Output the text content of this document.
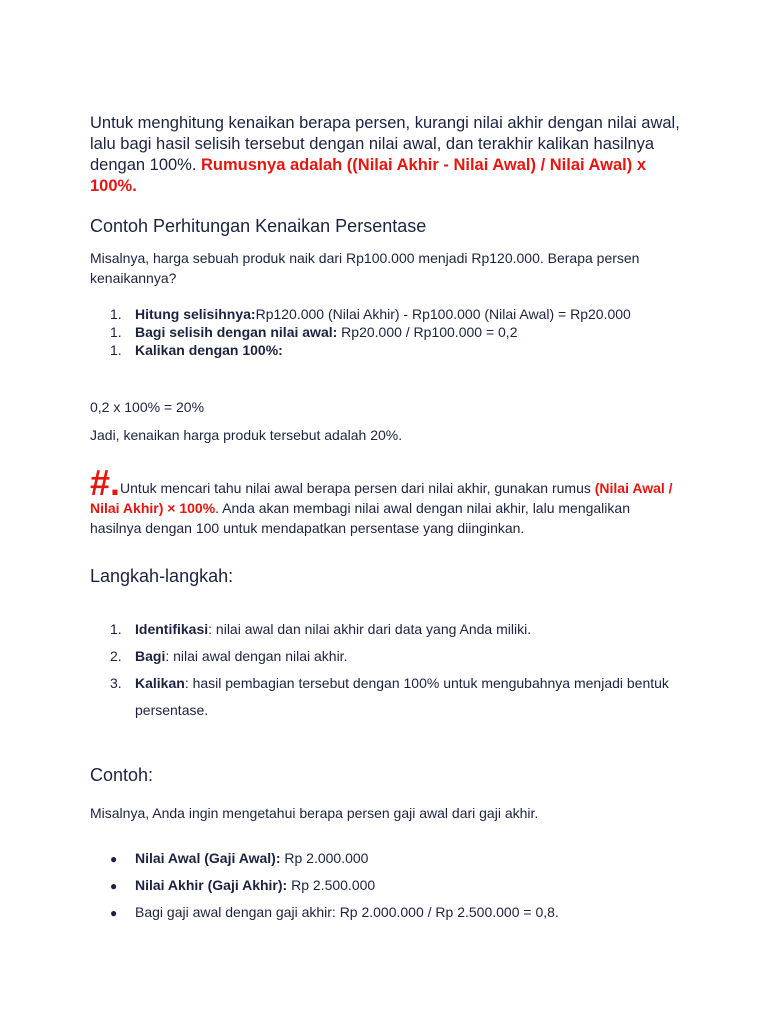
Untuk menghitung kenaikan berapa persen, kurangi nilai akhir dengan nilai awal, lalu bagi hasil selisih tersebut dengan nilai awal, dan terakhir kalikan hasilnya dengan 100%. Rumusnya adalah ((Nilai Akhir - Nilai Awal) / Nilai Awal) x 100%.
Contoh Perhitungan Kenaikan Persentase
Misalnya, harga sebuah produk naik dari Rp100.000 menjadi Rp120.000. Berapa persen kenaikannya?
1. Hitung selisihnya:Rp120.000 (Nilai Akhir) - Rp100.000 (Nilai Awal) = Rp20.000
1. Bagi selisih dengan nilai awal: Rp20.000 / Rp100.000 = 0,2
1. Kalikan dengan 100%:
0,2 x 100% = 20%
Jadi, kenaikan harga produk tersebut adalah 20%.
#.Untuk mencari tahu nilai awal berapa persen dari nilai akhir, gunakan rumus (Nilai Awal / Nilai Akhir) × 100%. Anda akan membagi nilai awal dengan nilai akhir, lalu mengalikan hasilnya dengan 100 untuk mendapatkan persentase yang diinginkan.
Langkah-langkah:
1. Identifikasi: nilai awal dan nilai akhir dari data yang Anda miliki.
2. Bagi: nilai awal dengan nilai akhir.
3. Kalikan: hasil pembagian tersebut dengan 100% untuk mengubahnya menjadi bentuk persentase.
Contoh:
Misalnya, Anda ingin mengetahui berapa persen gaji awal dari gaji akhir.
●	Nilai Awal (Gaji Awal): Rp 2.000.000
●	Nilai Akhir (Gaji Akhir): Rp 2.500.000
●	Bagi gaji awal dengan gaji akhir: Rp 2.000.000 / Rp 2.500.000 = 0,8.
